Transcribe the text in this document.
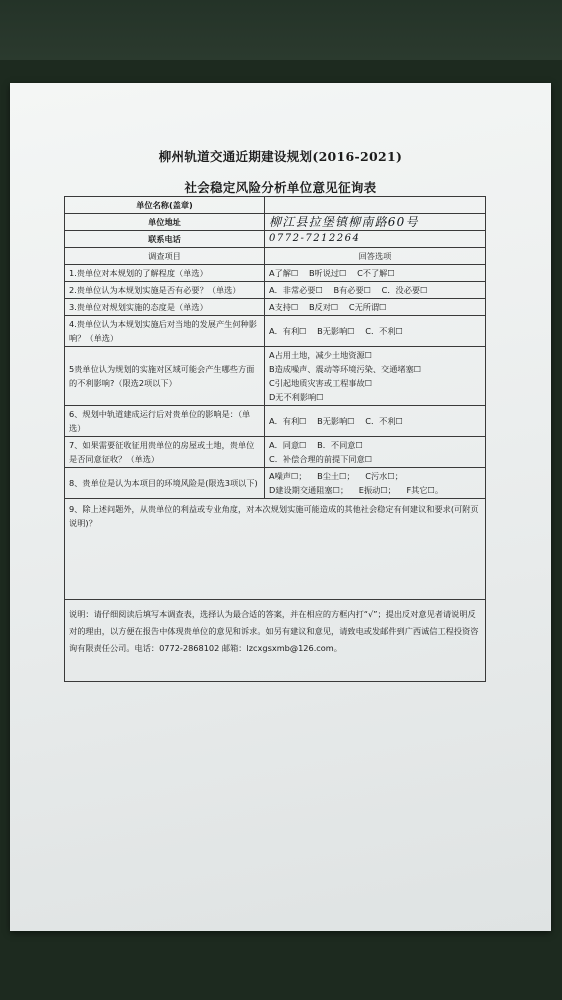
柳州轨道交通近期建设规划(2016-2021)
社会稳定风险分析单位意见征询表
单位名称(盖章)	
单位地址	柳江县拉堡镇柳南路60号
联系电话	0772-7212264
调查项目	回答选项
1.贵单位对本规划的了解程度（单选）	A了解☐ B听说过☐ C不了解☐
2.贵单位认为本规划实施是否有必要？（单选）	A．非常必要☐ B有必要☐ C．没必要☐
3.贵单位对规划实施的态度是（单选）	A支持☐ B反对☐ C无所谓☐
4.贵单位认为本规划实施后对当地的发展产生何种影响？（单选）	A．有利☐ B无影响☐ C．不利☐
5贵单位认为规划的实施对区域可能会产生哪些方面的不利影响?（限选2项以下）	A占用土地，减少土地资源☐
B造成噪声、震动等环境污染、交通堵塞☐
C引起地质灾害或工程事故☐
D无不利影响☐

6、规划中轨道建成运行后对贵单位的影响是：（单选）	A．有利☐ B无影响☐ C．不利☐
7、如果需要征收征用贵单位的房屋或土地，贵单位是否同意征收？（单选）	A．同意☐ B．不同意☐ C．补偿合理的前提下同意☐
8、贵单位是认为本项目的环境风险是(限选3项以下)	A噪声☐； B尘土☐； C污水☐； D建设期交通阻塞☐； E振动☐； F其它☐。
9、除上述问题外，从贵单位的利益或专业角度，对本次规划实施可能造成的其他社会稳定有何建议和要求(可附页说明)？	

说明：请仔细阅读后填写本调查表，选择认为最合适的答案，并在相应的方框内打“√”；提出反对意见者请说明反对的理由，以方便在报告中体现贵单位的意见和诉求。如另有建议和意见，请致电或发邮件到广西诚信工程投资咨询有限责任公司。电话：0772-2868102 邮箱：lzcxgsxmb@126.com。	
